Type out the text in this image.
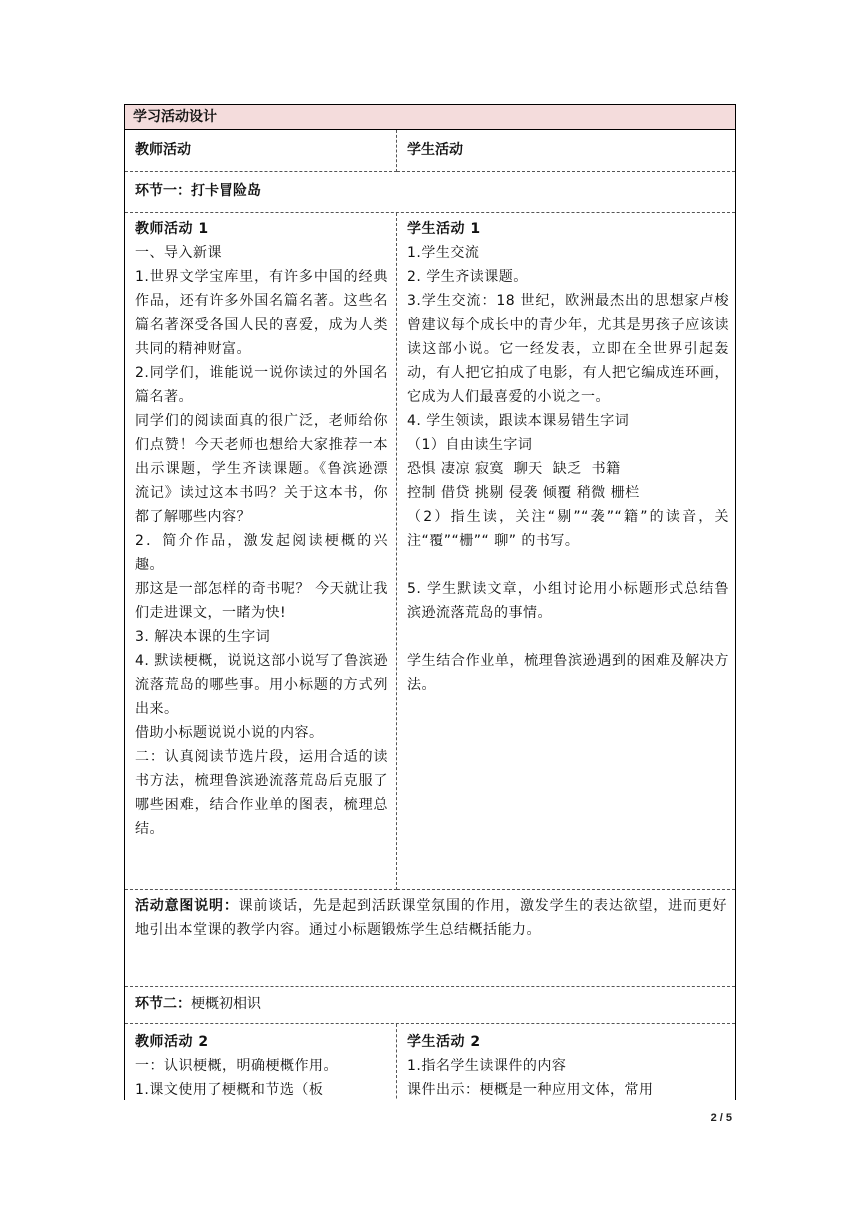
学习活动设计
教师活动	学生活动
环节一：打卡冒险岛

教师活动 1

一、导入新课

1.世界文学宝库里，有许多中国的经典作品，还有许多外国名篇名著。这些名篇名著深受各国人民的喜爱，成为人类共同的精神财富。

2.同学们，谁能说一说你读过的外国名篇名著。

同学们的阅读面真的很广泛，老师给你们点赞！今天老师也想给大家推荐一本出示课题，学生齐读课题。《鲁滨逊漂流记》读过这本书吗？关于这本书，你都了解哪些内容？

2．简介作品，激发起阅读梗概的兴趣。

那这是一部怎样的奇书呢？ 今天就让我们走进课文，一睹为快!

3. 解决本课的生字词

4. 默读梗概，说说这部小说写了鲁滨逊流落荒岛的哪些事。用小标题的方式列出来。

借助小标题说说小说的内容。

二：认真阅读节选片段，运用合适的读书方法，梳理鲁滨逊流落荒岛后克服了哪些困难，结合作业单的图表，梳理总结。

学生活动 1

1.学生交流

2. 学生齐读课题。

3.学生交流：18 世纪，欧洲最杰出的思想家卢梭曾建议每个成长中的青少年，尤其是男孩子应该读读这部小说。它一经发表，立即在全世界引起轰动，有人把它拍成了电影，有人把它编成连环画，它成为人们最喜爱的小说之一。

4. 学生领读，跟读本课易错生字词

（1）自由读生字词

恐惧 凄凉 寂寞  聊天  缺乏  书籍

控制 借贷 挑剔 侵袭 倾覆 稍微 栅栏

（2）指生读，关注“剔”“袭”“籍”的读音，关注“覆”“栅”“ 聊” 的书写。

5. 学生默读文章，小组讨论用小标题形式总结鲁滨逊流落荒岛的事情。

学生结合作业单，梳理鲁滨逊遇到的困难及解决方法。

活动意图说明：课前谈话，先是起到活跃课堂氛围的作用，激发学生的表达欲望，进而更好地引出本堂课的教学内容。通过小标题锻炼学生总结概括能力。

环节二：梗概初相识

教师活动 2

一：认识梗概，明确梗概作用。

1.课文使用了梗概和节选（板

学生活动 2

1.指名学生读课件的内容

课件出示：梗概是一种应用文体，常用

2 / 5
